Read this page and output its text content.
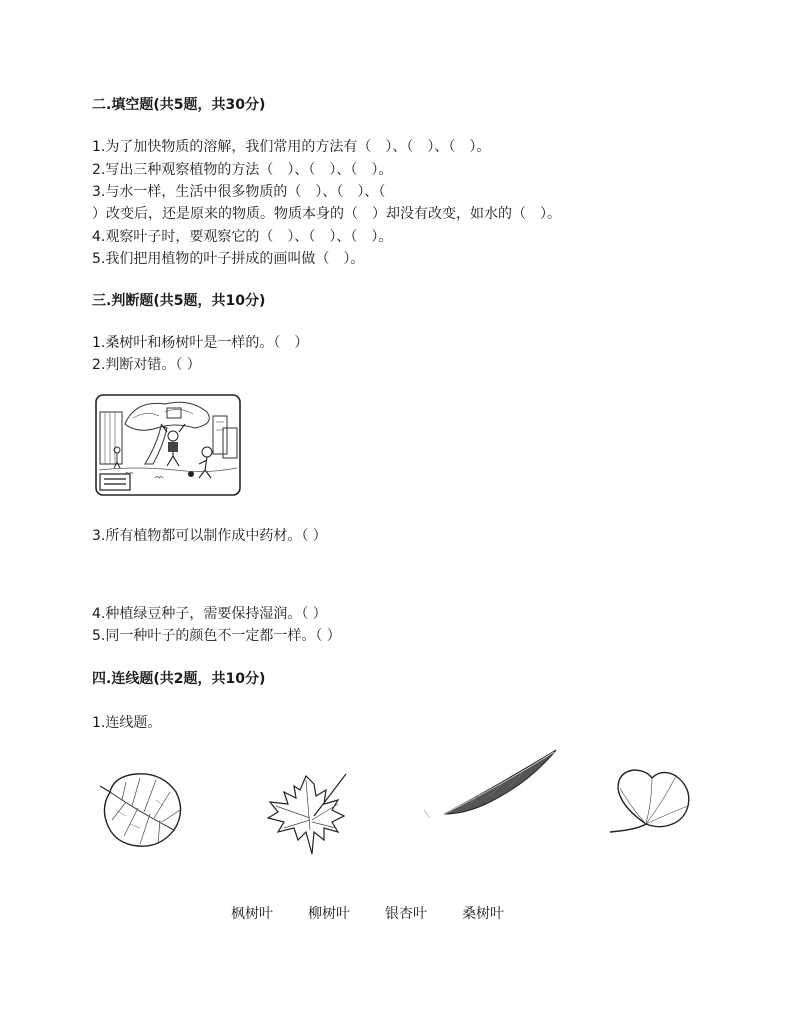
二.填空题(共5题，共30分)
1.为了加快物质的溶解，我们常用的方法有（　）、（　）、（　）。
2.写出三种观察植物的方法（　）、（　）、（　）。
3.与水一样，生活中很多物质的（　）、（　）、（
）改变后，还是原来的物质。物质本身的（　）却没有改变，如水的（　）。
4.观察叶子时，要观察它的（　）、（　）、（　）。
5.我们把用植物的叶子拼成的画叫做（　）。
三.判断题(共5题，共10分)
1.桑树叶和杨树叶是一样的。（　）
2.判断对错。（ ）
3.所有植物都可以制作成中药材。（ ）
4.种植绿豆种子，需要保持湿润。（ ）
5.同一种叶子的颜色不一定都一样。（ ）
四.连线题(共2题，共10分)
1.连线题。
枫树叶	柳树叶	银杏叶	桑树叶
